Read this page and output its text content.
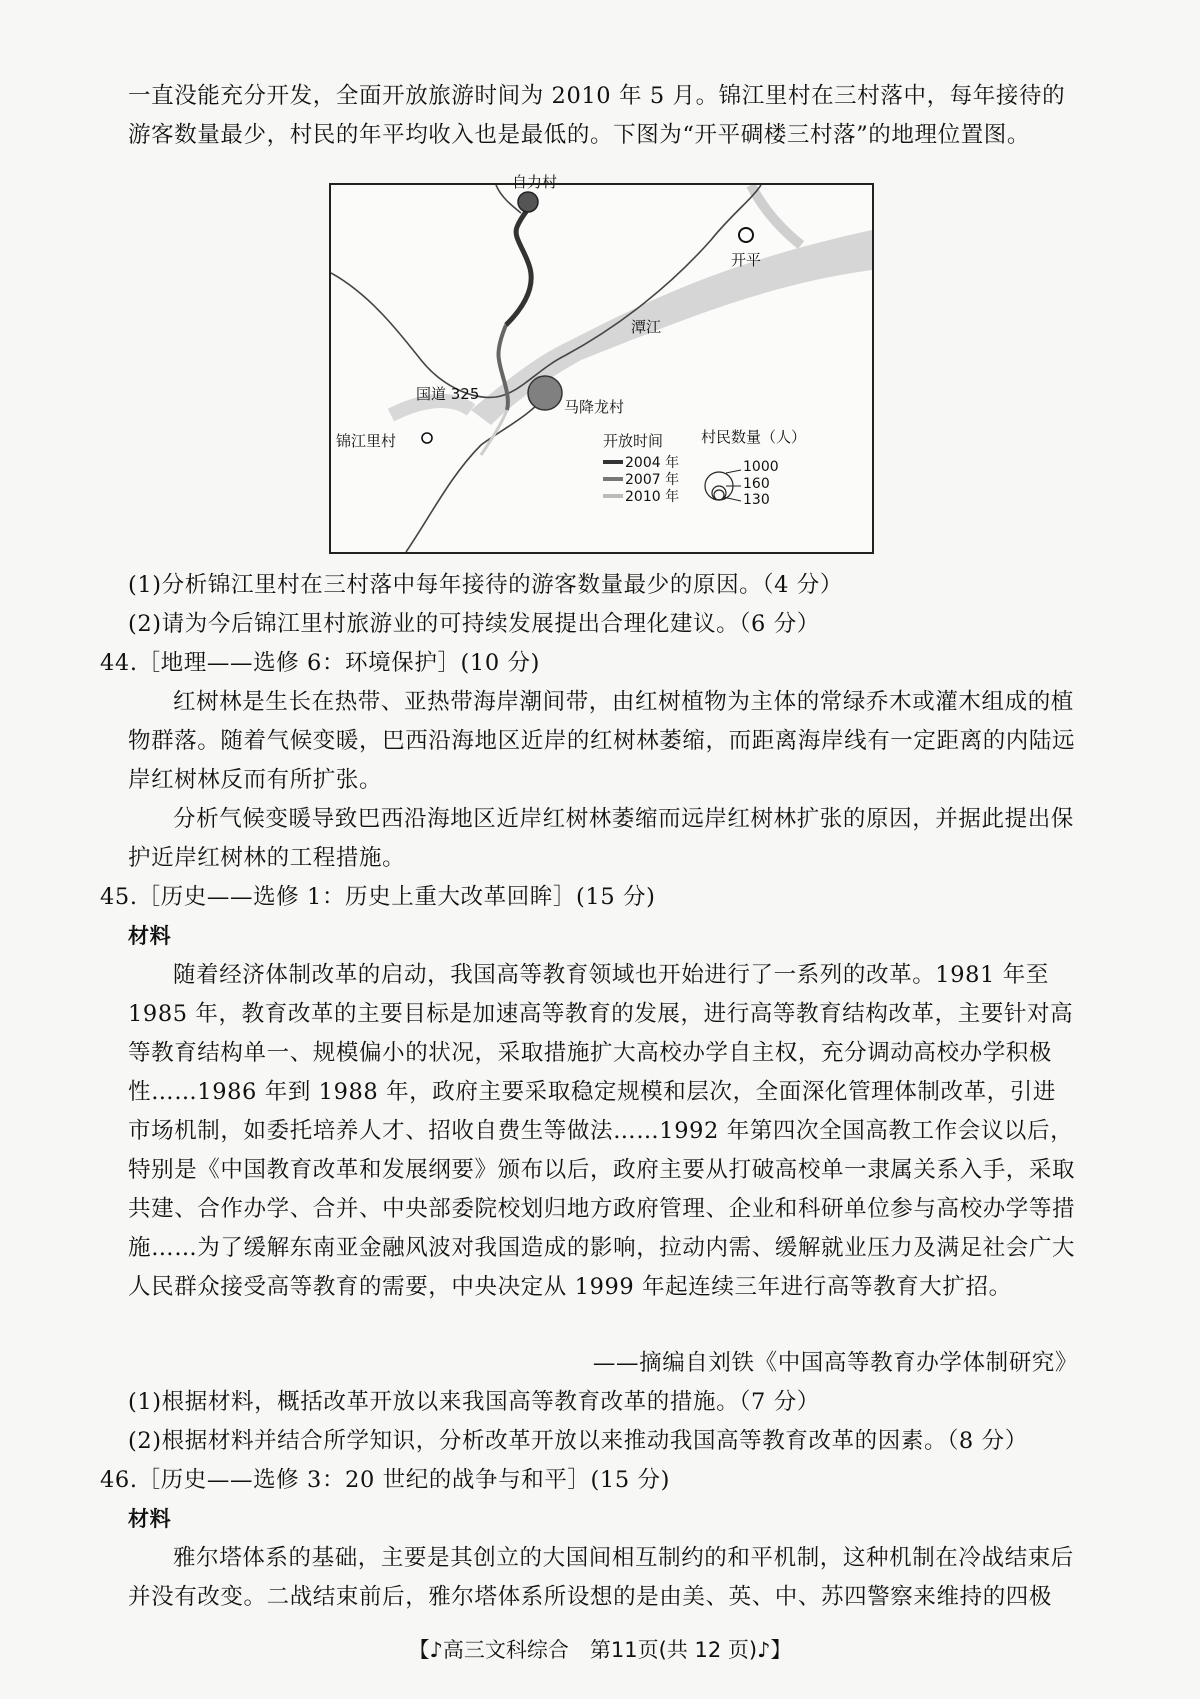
一直没能充分开发，全面开放旅游时间为 2010 年 5 月。锦江里村在三村落中，每年接待的
游客数量最少，村民的年平均收入也是最低的。下图为“开平碉楼三村落”的地理位置图。
自力村
开平
潭江
国道 325
马降龙村
锦江里村	开放时间
2004 年
2007 年
2010 年
村民数量（人）
1000
160
130
(1)分析锦江里村在三村落中每年接待的游客数量最少的原因。（4 分）
(2)请为今后锦江里村旅游业的可持续发展提出合理化建议。（6 分）
44.［地理——选修 6：环境保护］(10 分)
红树林是生长在热带、亚热带海岸潮间带，由红树植物为主体的常绿乔木或灌木组成的植物群落。随着气候变暖，巴西沿海地区近岸的红树林萎缩，而距离海岸线有一定距离的内陆远岸红树林反而有所扩张。
分析气候变暖导致巴西沿海地区近岸红树林萎缩而远岸红树林扩张的原因，并据此提出保护近岸红树林的工程措施。
45.［历史——选修 1：历史上重大改革回眸］(15 分)
材料
随着经济体制改革的启动，我国高等教育领域也开始进行了一系列的改革。1981 年至 1985 年，教育改革的主要目标是加速高等教育的发展，进行高等教育结构改革，主要针对高等教育结构单一、规模偏小的状况，采取措施扩大高校办学自主权，充分调动高校办学积极性……1986 年到 1988 年，政府主要采取稳定规模和层次，全面深化管理体制改革，引进市场机制，如委托培养人才、招收自费生等做法……1992 年第四次全国高教工作会议以后，特别是《中国教育改革和发展纲要》颁布以后，政府主要从打破高校单一隶属关系入手，采取共建、合作办学、合并、中央部委院校划归地方政府管理、企业和科研单位参与高校办学等措施……为了缓解东南亚金融风波对我国造成的影响，拉动内需、缓解就业压力及满足社会广大人民群众接受高等教育的需要，中央决定从 1999 年起连续三年进行高等教育大扩招。
——摘编自刘铁《中国高等教育办学体制研究》
(1)根据材料，概括改革开放以来我国高等教育改革的措施。（7 分）
(2)根据材料并结合所学知识，分析改革开放以来推动我国高等教育改革的因素。（8 分）
46.［历史——选修 3：20 世纪的战争与和平］(15 分)
材料
雅尔塔体系的基础，主要是其创立的大国间相互制约的和平机制，这种机制在冷战结束后并没有改变。二战结束前后，雅尔塔体系所设想的是由美、英、中、苏四警察来维持的四极
【♪高三文科综合　第11页(共 12 页)♪】
